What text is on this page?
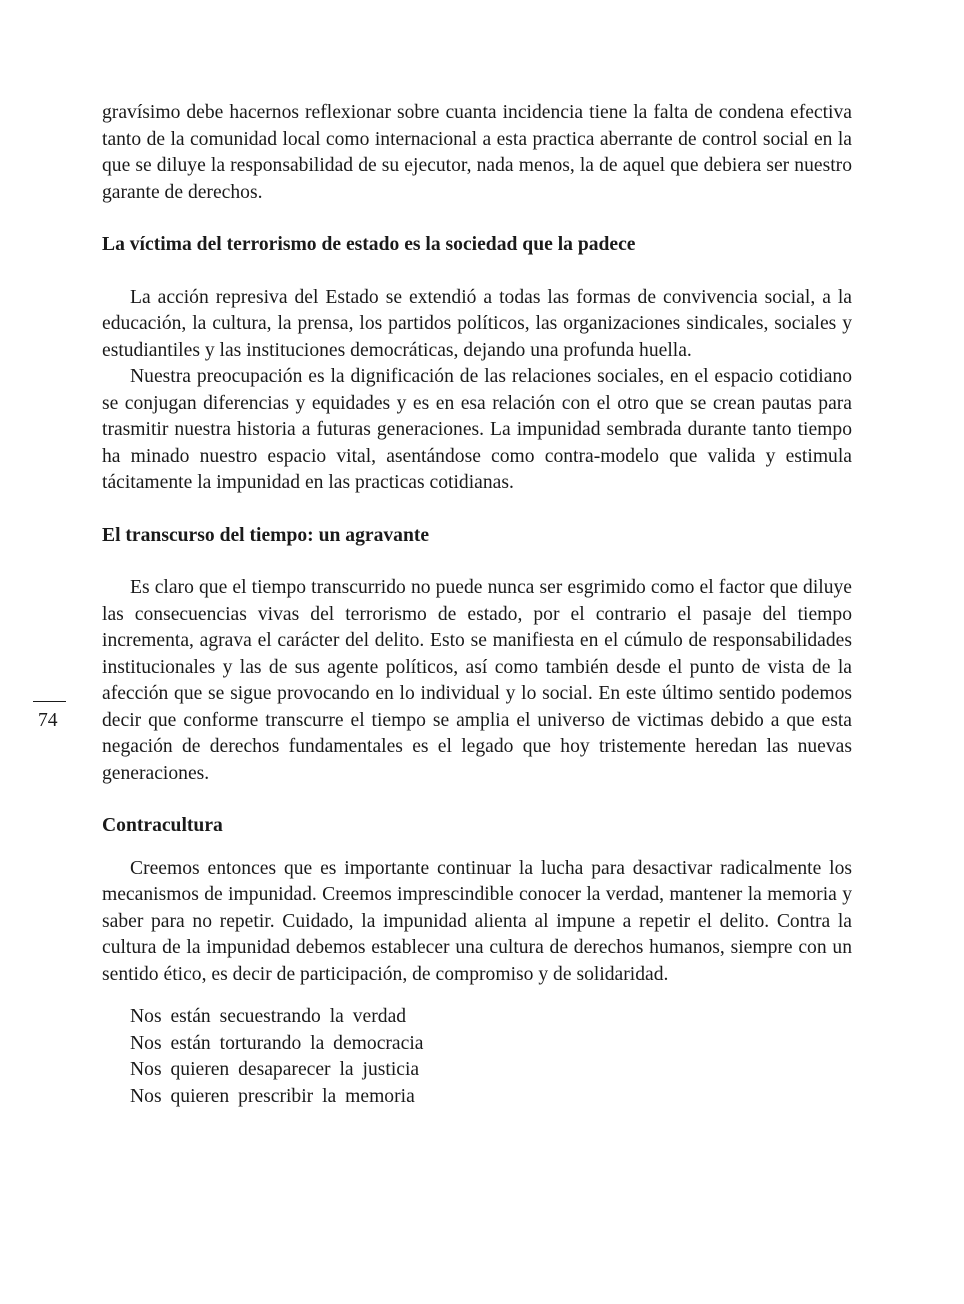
74

gravísimo debe hacernos reflexionar sobre cuanta incidencia tiene la falta de condena efectiva tanto de la comunidad local como internacional a esta practica aberrante de control social en la que se diluye la responsabilidad de su ejecutor, nada menos, la de aquel que debiera ser nuestro garante de derechos.

La víctima del terrorismo de estado es la sociedad que la padece

La acción represiva del Estado se extendió a todas las formas de convivencia social, a la educación, la cultura, la prensa, los partidos políticos, las organizaciones sindicales, sociales y estudiantiles y las instituciones democráticas, dejando una profunda huella.

Nuestra preocupación es la dignificación de las relaciones sociales, en el espacio cotidiano se conjugan diferencias y equidades y es en esa relación con el otro que se crean pautas para trasmitir nuestra historia a futuras generaciones. La impunidad sembrada durante tanto tiempo ha minado nuestro espacio vital, asentándose como contra-modelo que valida y estimula tácitamente la impunidad en las practicas cotidianas.

El transcurso del tiempo: un agravante

Es claro que el tiempo transcurrido no puede nunca ser esgrimido como el factor que diluye las consecuencias vivas del terrorismo de estado, por el contrario el pasaje del tiempo incrementa, agrava el carácter del delito. Esto se manifiesta en el cúmulo de responsabilidades institucionales y las de sus agente políticos, así como también desde el punto de vista de la afección que se sigue provocando en lo individual y lo social. En este último sentido podemos decir que conforme transcurre el tiempo se amplia el universo de victimas debido a que esta negación de derechos fundamentales es el legado que hoy tristemente heredan las nuevas generaciones.

Contracultura

Creemos entonces que es importante continuar la lucha para desactivar radicalmente los mecanismos de impunidad. Creemos imprescindible conocer la verdad, mantener la memoria y saber para no repetir. Cuidado, la impunidad alienta al impune a repetir el delito. Contra la cultura de la impunidad debemos establecer una cultura de derechos humanos, siempre con un sentido ético, es decir de participación, de compromiso y de solidaridad.

Nos están secuestrando la verdad
Nos están torturando la democracia
Nos quieren desaparecer la justicia
Nos quieren prescribir la memoria
